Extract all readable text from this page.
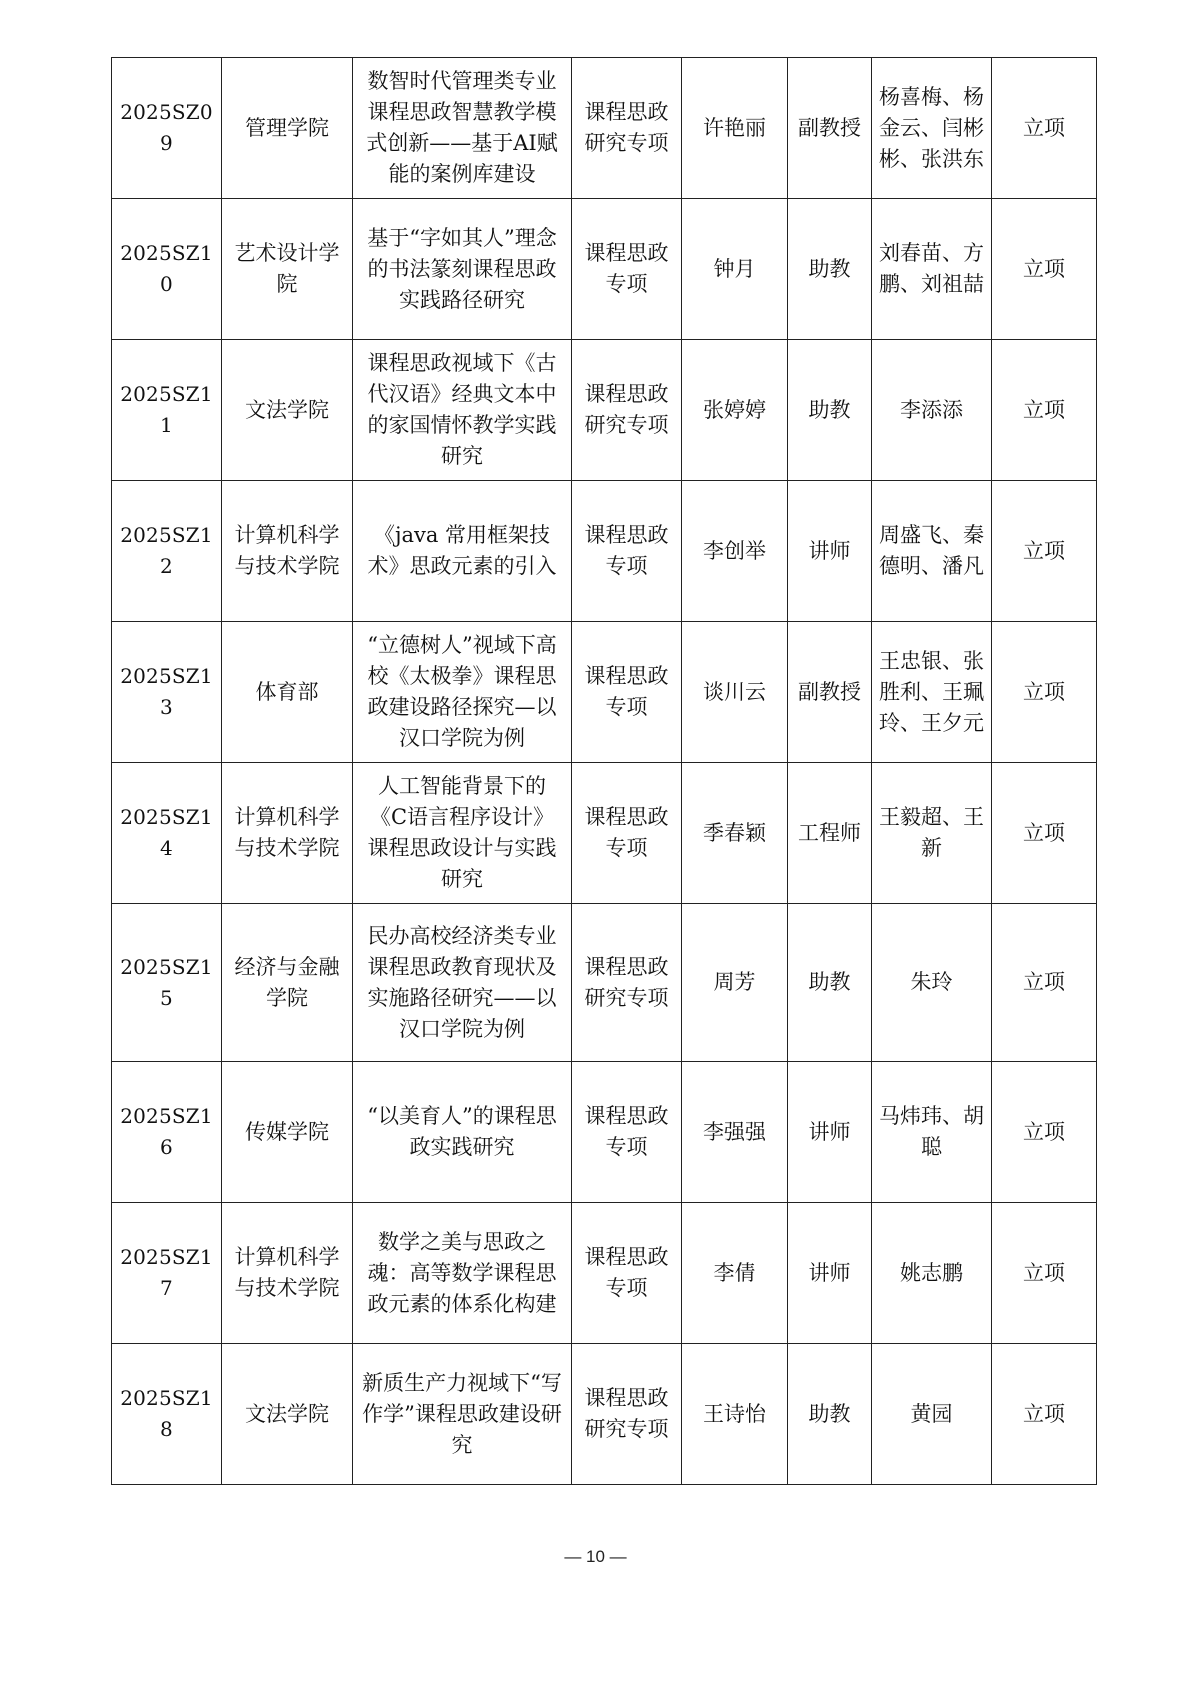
2025SZ09	管理学院	数智时代管理类专业课程思政智慧教学模式创新——基于AI赋能的案例库建设	课程思政研究专项	许艳丽	副教授	杨喜梅、杨金云、闫彬彬、张洪东	立项
2025SZ10	艺术设计学院	基于“字如其人”理念的书法篆刻课程思政实践路径研究	课程思政专项	钟月	助教	刘春苗、方鹏、刘祖喆	立项
2025SZ11	文法学院	课程思政视域下《古代汉语》经典文本中的家国情怀教学实践研究	课程思政研究专项	张婷婷	助教	李添添	立项
2025SZ12	计算机科学与技术学院	《java 常用框架技术》思政元素的引入	课程思政专项	李创举	讲师	周盛飞、秦德明、潘凡	立项
2025SZ13	体育部	“立德树人”视域下高校《太极拳》课程思政建设路径探究—以汉口学院为例	课程思政专项	谈川云	副教授	王忠银、张胜利、王珮玲、王夕元	立项
2025SZ14	计算机科学与技术学院	人工智能背景下的《C语言程序设计》课程思政设计与实践研究	课程思政专项	季春颖	工程师	王毅超、王新	立项
2025SZ15	经济与金融学院	民办高校经济类专业课程思政教育现状及实施路径研究——以汉口学院为例	课程思政研究专项	周芳	助教	朱玲	立项
2025SZ16	传媒学院	“以美育人”的课程思政实践研究	课程思政专项	李强强	讲师	马炜玮、胡聪	立项
2025SZ17	计算机科学与技术学院	数学之美与思政之魂：高等数学课程思政元素的体系化构建	课程思政专项	李倩	讲师	姚志鹏	立项
2025SZ18	文法学院	新质生产力视域下“写作学”课程思政建设研究	课程思政研究专项	王诗怡	助教	黄园	立项
— 10 —
